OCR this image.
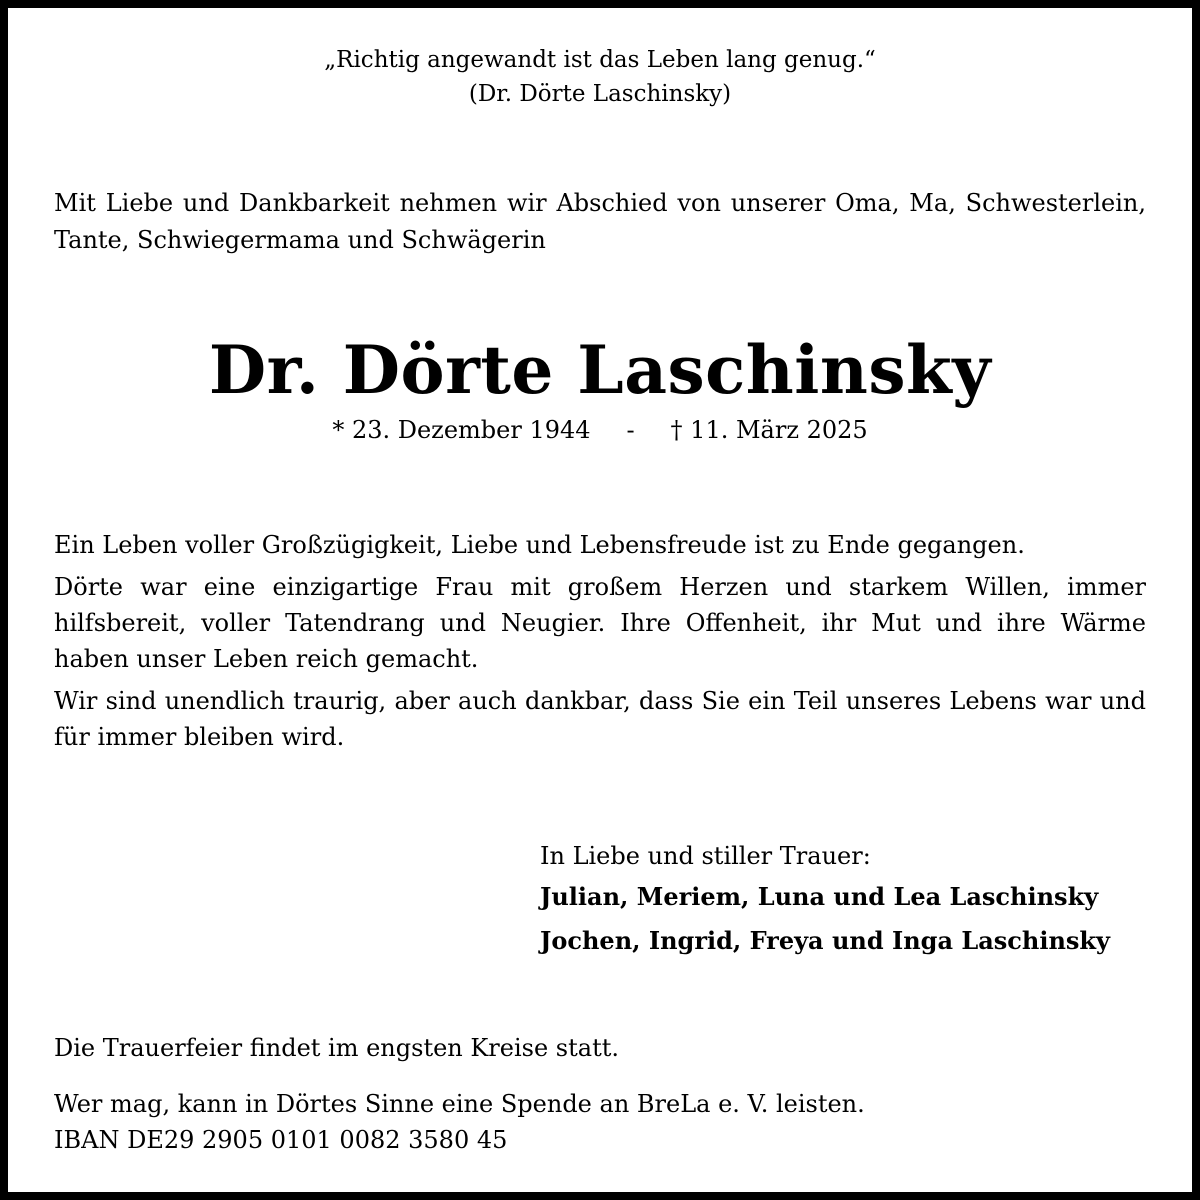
„Richtig angewandt ist das Leben lang genug.“
(Dr. Dörte Laschinsky)
Mit Liebe und Dankbarkeit nehmen wir Abschied von unserer Oma, Ma, Schwesterlein, Tante, Schwiegermama und Schwägerin
Dr. Dörte Laschinsky
* 23. Dezember 1944 - † 11. März 2025

Ein Leben voller Großzügigkeit, Liebe und Lebensfreude ist zu Ende gegangen.

Dörte war eine einzigartige Frau mit großem Herzen und starkem Willen, immer hilfsbereit, voller Tatendrang und Neugier. Ihre Offenheit, ihr Mut und ihre Wärme haben unser Leben reich gemacht.

Wir sind unendlich traurig, aber auch dankbar, dass Sie ein Teil unseres Lebens war und für immer bleiben wird.

In Liebe und stiller Trauer:
Julian, Meriem, Luna und Lea Laschinsky
Jochen, Ingrid, Freya und Inga Laschinsky
Die Trauerfeier findet im engsten Kreise statt.
Wer mag, kann in Dörtes Sinne eine Spende an BreLa e. V. leisten.
IBAN DE29 2905 0101 0082 3580 45
